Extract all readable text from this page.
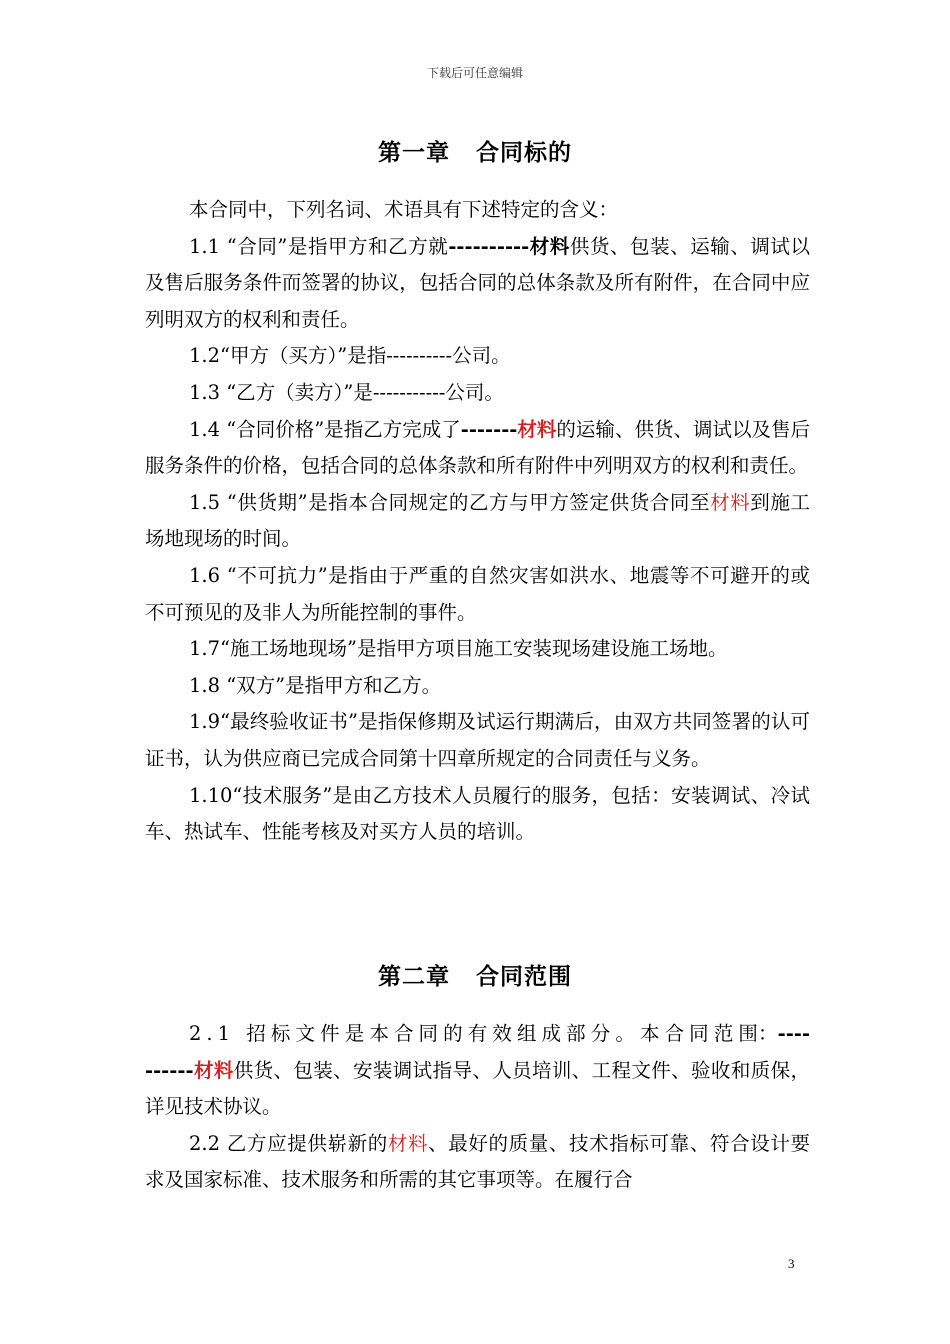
下载后可任意编辑
第一章 合同标的

本合同中，下列名词、术语具有下述特定的含义：

1.1 “合同”是指甲方和乙方就----------材料供货、包装、运输、调试以及售后服务条件而签署的协议，包括合同的总体条款及所有附件，在合同中应列明双方的权利和责任。

1.2“甲方（买方）”是指----------公司。

1.3 “乙方（卖方）”是-----------公司。

1.4 “合同价格”是指乙方完成了-------材料的运输、供货、调试以及售后服务条件的价格，包括合同的总体条款和所有附件中列明双方的权利和责任。

1.5 “供货期”是指本合同规定的乙方与甲方签定供货合同至材料到施工场地现场的时间。

1.6 “不可抗力”是指由于严重的自然灾害如洪水、地震等不可避开的或不可预见的及非人为所能控制的事件。

1.7“施工场地现场”是指甲方项目施工安装现场建设施工场地。

1.8 “双方”是指甲方和乙方。

1.9“最终验收证书”是指保修期及试运行期满后，由双方共同签署的认可证书，认为供应商已完成合同第十四章所规定的合同责任与义务。

1.10“技术服务”是由乙方技术人员履行的服务，包括：安装调试、冷试车、热试车、性能考核及对买方人员的培训。

第二章 合同范围

2.1 招标文件是本合同的有效组成部分。本合同范围：----------材料供货、包装、安装调试指导、人员培训、工程文件、验收和质保，详见技术协议。

2.2 乙方应提供崭新的材料、最好的质量、技术指标可靠、符合设计要求及国家标准、技术服务和所需的其它事项等。在履行合

3
